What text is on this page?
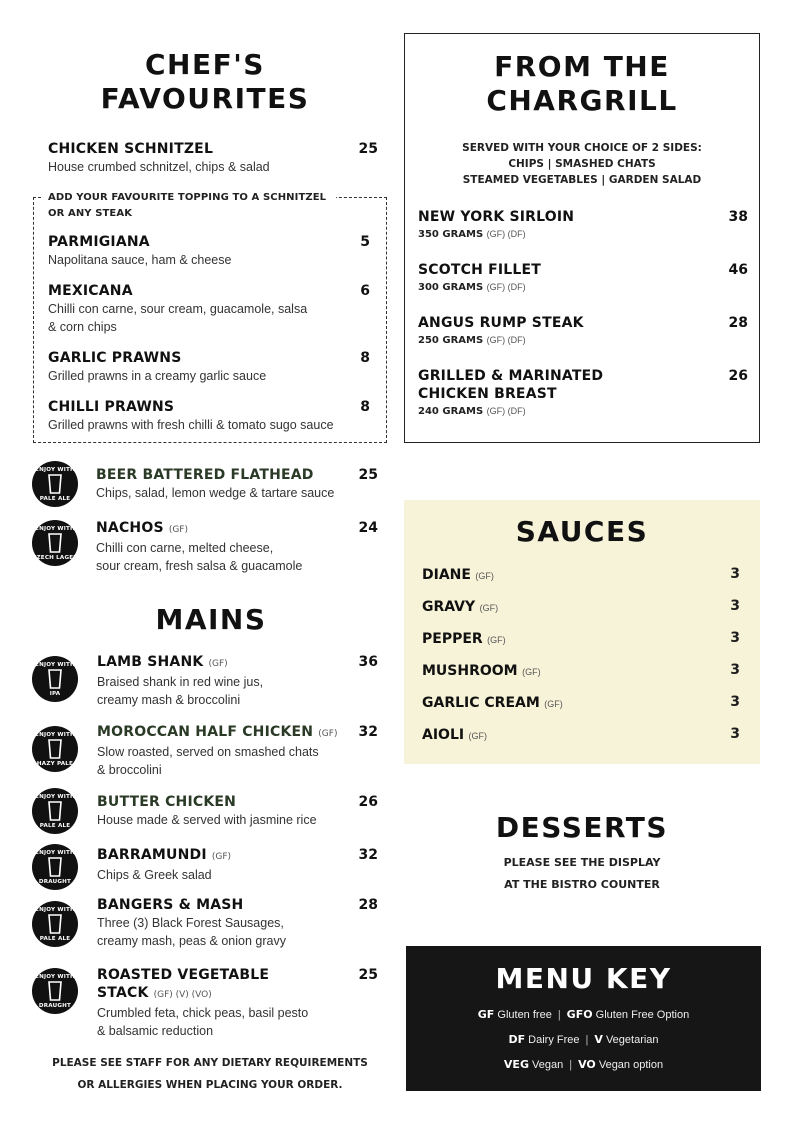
CHEF'S
FAVOURITES
CHICKEN SCHNITZEL	25
House crumbed schnitzel, chips & salad
ADD YOUR FAVOURITE TOPPING TO A SCHNITZEL
OR ANY STEAK
PARMIGIANA	5
Napolitana sauce, ham & cheese
MEXICANA	6
Chilli con carne, sour cream, guacamole, salsa
& corn chips
GARLIC PRAWNS	8
Grilled prawns in a creamy garlic sauce
CHILLI PRAWNS	8
Grilled prawns with fresh chilli & tomato sugo sauce
ENJOY WITH
PALE ALE
BEER BATTERED FLATHEAD	25
Chips, salad, lemon wedge & tartare sauce
ENJOY WITH
CZECH LAGER
NACHOS (GF)	24
Chilli con carne, melted cheese,
sour cream, fresh salsa & guacamole
MAINS
ENJOY WITH
IPA
LAMB SHANK (GF)	36
Braised shank in red wine jus,
creamy mash & broccolini
ENJOY WITH
HAZY PALE
MOROCCAN HALF CHICKEN (GF)	32
Slow roasted, served on smashed chats
& broccolini
ENJOY WITH
PALE ALE
BUTTER CHICKEN	26
House made & served with jasmine rice
ENJOY WITH
DRAUGHT
BARRAMUNDI (GF)	32
Chips & Greek salad
ENJOY WITH
PALE ALE
BANGERS & MASH	28
Three (3) Black Forest Sausages,
creamy mash, peas & onion gravy
ENJOY WITH
DRAUGHT
ROASTED VEGETABLE
STACK (GF) (V) (VO)
25
Crumbled feta, chick peas, basil pesto
& balsamic reduction
PLEASE SEE STAFF FOR ANY DIETARY REQUIREMENTS
OR ALLERGIES WHEN PLACING YOUR ORDER.
FROM THE
CHARGRILL
SERVED WITH YOUR CHOICE OF 2 SIDES:
CHIPS | SMASHED CHATS
STEAMED VEGETABLES | GARDEN SALAD
NEW YORK SIRLOIN	38
350 GRAMS (GF) (DF)
SCOTCH FILLET	46
300 GRAMS (GF) (DF)
ANGUS RUMP STEAK	28
250 GRAMS (GF) (DF)
GRILLED & MARINATED
CHICKEN BREAST
26
240 GRAMS (GF) (DF)
SAUCES
DIANE (GF)	3
GRAVY (GF)	3
PEPPER (GF)	3
MUSHROOM (GF)	3
GARLIC CREAM (GF)	3
AIOLI (GF)	3
DESSERTS
PLEASE SEE THE DISPLAY
AT THE BISTRO COUNTER
MENU KEY
GF Gluten free | GFO Gluten Free Option
DF Dairy Free | V Vegetarian
VEG Vegan | VO Vegan option
